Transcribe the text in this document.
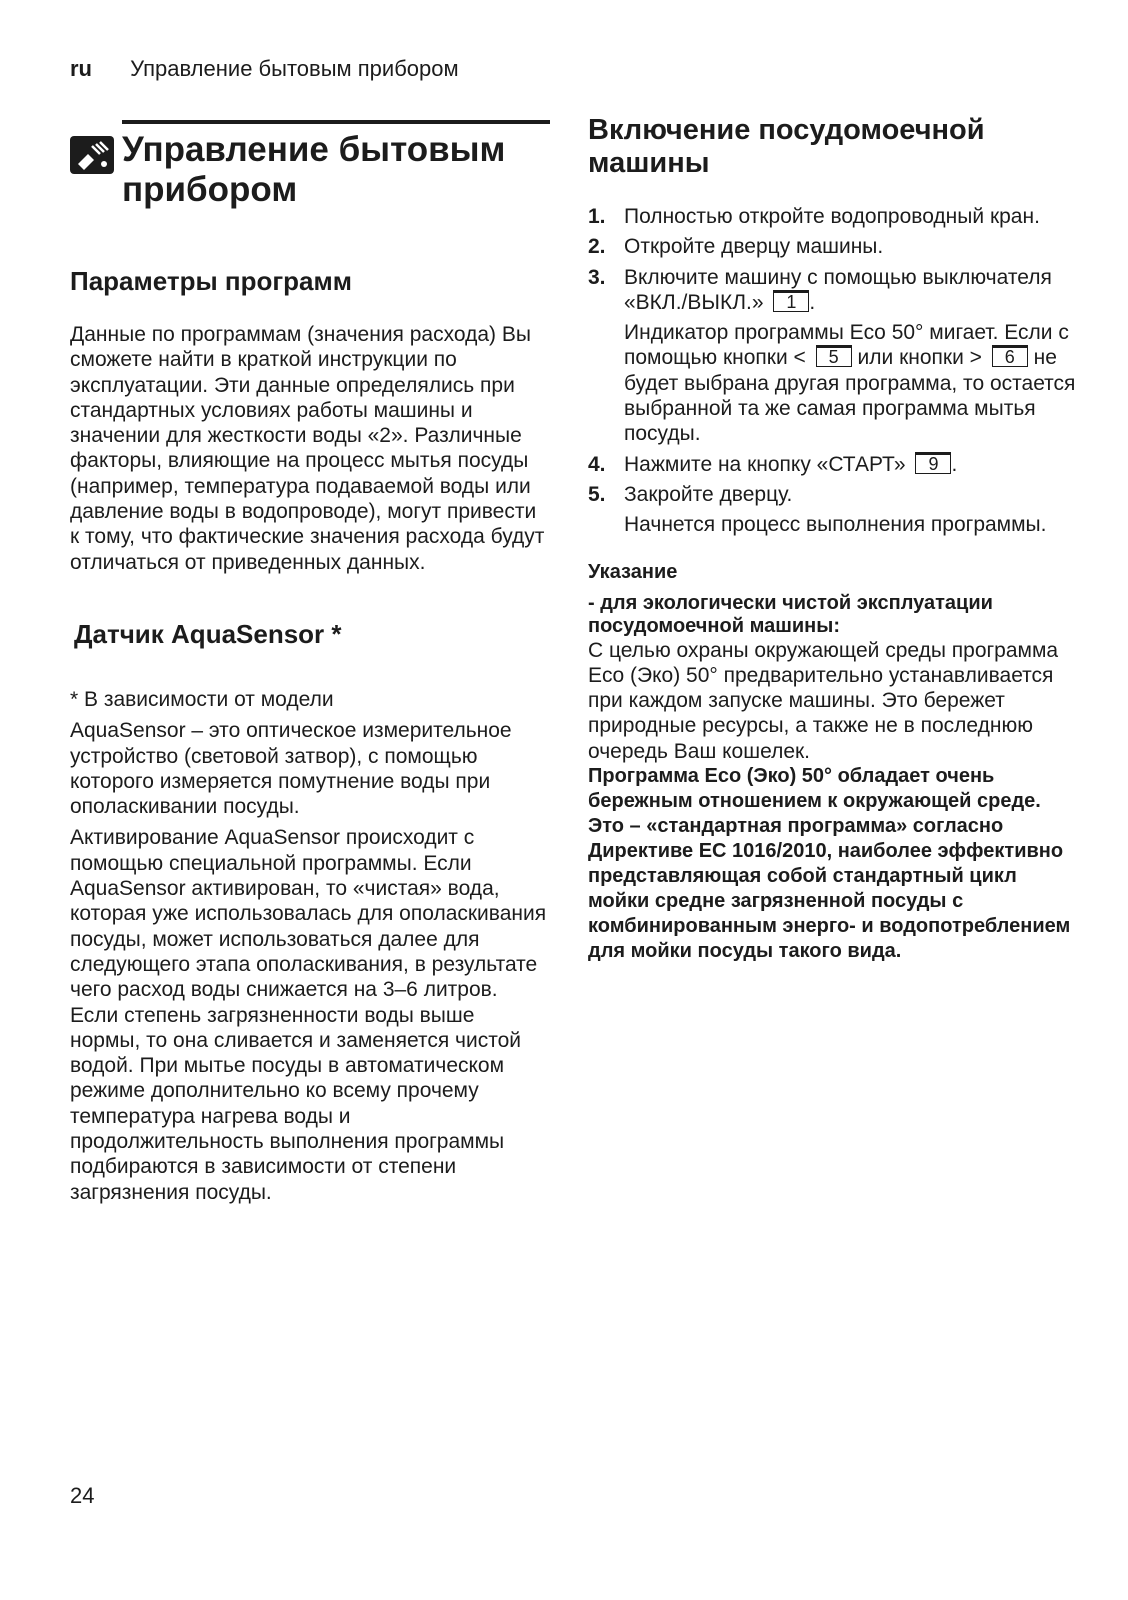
ru Управление бытовым прибором
Управление бытовым прибором
Параметры программ

Данные по программам (значения расхода) Вы сможете найти в краткой инструкции по эксплуатации. Эти данные определялись при стандартных условиях работы машины и значении для жесткости воды «2». Различные факторы, влияющие на процесс мытья посуды (например, температура подаваемой воды или давление воды в водопроводе), могут привести к тому, что фактические значения расхода будут отличаться от приведенных данных.

Датчик AquaSensor *

* В зависимости от модели

AquaSensor – это оптическое измерительное устройство (световой затвор), с помощью которого измеряется помутнение воды при ополаскивании посуды.

Активирование AquaSensor происходит с помощью специальной программы. Если AquaSensor активирован, то «чистая» вода, которая уже использовалась для ополаскивания посуды, может использоваться далее для следующего этапа ополаскивания, в результате чего расход воды снижается на 3–6 литров. Если степень загрязненности воды выше нормы, то она сливается и заменяется чистой водой. При мытье посуды в автоматическом режиме дополнительно ко всему прочему температура нагрева воды и продолжительность выполнения программы подбираются в зависимости от степени загрязнения посуды.

Включение посудомоечной машины
1. Полностью откройте водопроводный кран.
2. Откройте дверцу машины.
3. Включите машину с помощью выключателя «ВКЛ./ВЫКЛ.» 1 .
Индикатор программы Eco 50° мигает. Если с помощью кнопки < 5 или кнопки > 6 не будет выбрана другая программа, то остается выбранной та же самая программа мытья посуды.
4. Нажмите на кнопку «СТАРТ» 9 .
5. Закройте дверцу.
Начнется процесс выполнения программы.
Указание
- для экологически чистой эксплуатации посудомоечной машины:

С целью охраны окружающей среды программа Eco (Эко) 50° предварительно устанавливается при каждом запуске машины. Это бережет природные ресурсы, а также не в последнюю очередь Ваш кошелек.

Программа Eco (Эко) 50° обладает очень бережным отношением к окружающей среде. Это – «стандартная программа» согласно Директиве ЕС 1016/2010, наиболее эффективно представляющая собой стандартный цикл мойки средне загрязненной посуды с комбинированным энерго- и водопотреблением для мойки посуды такого вида.

24
